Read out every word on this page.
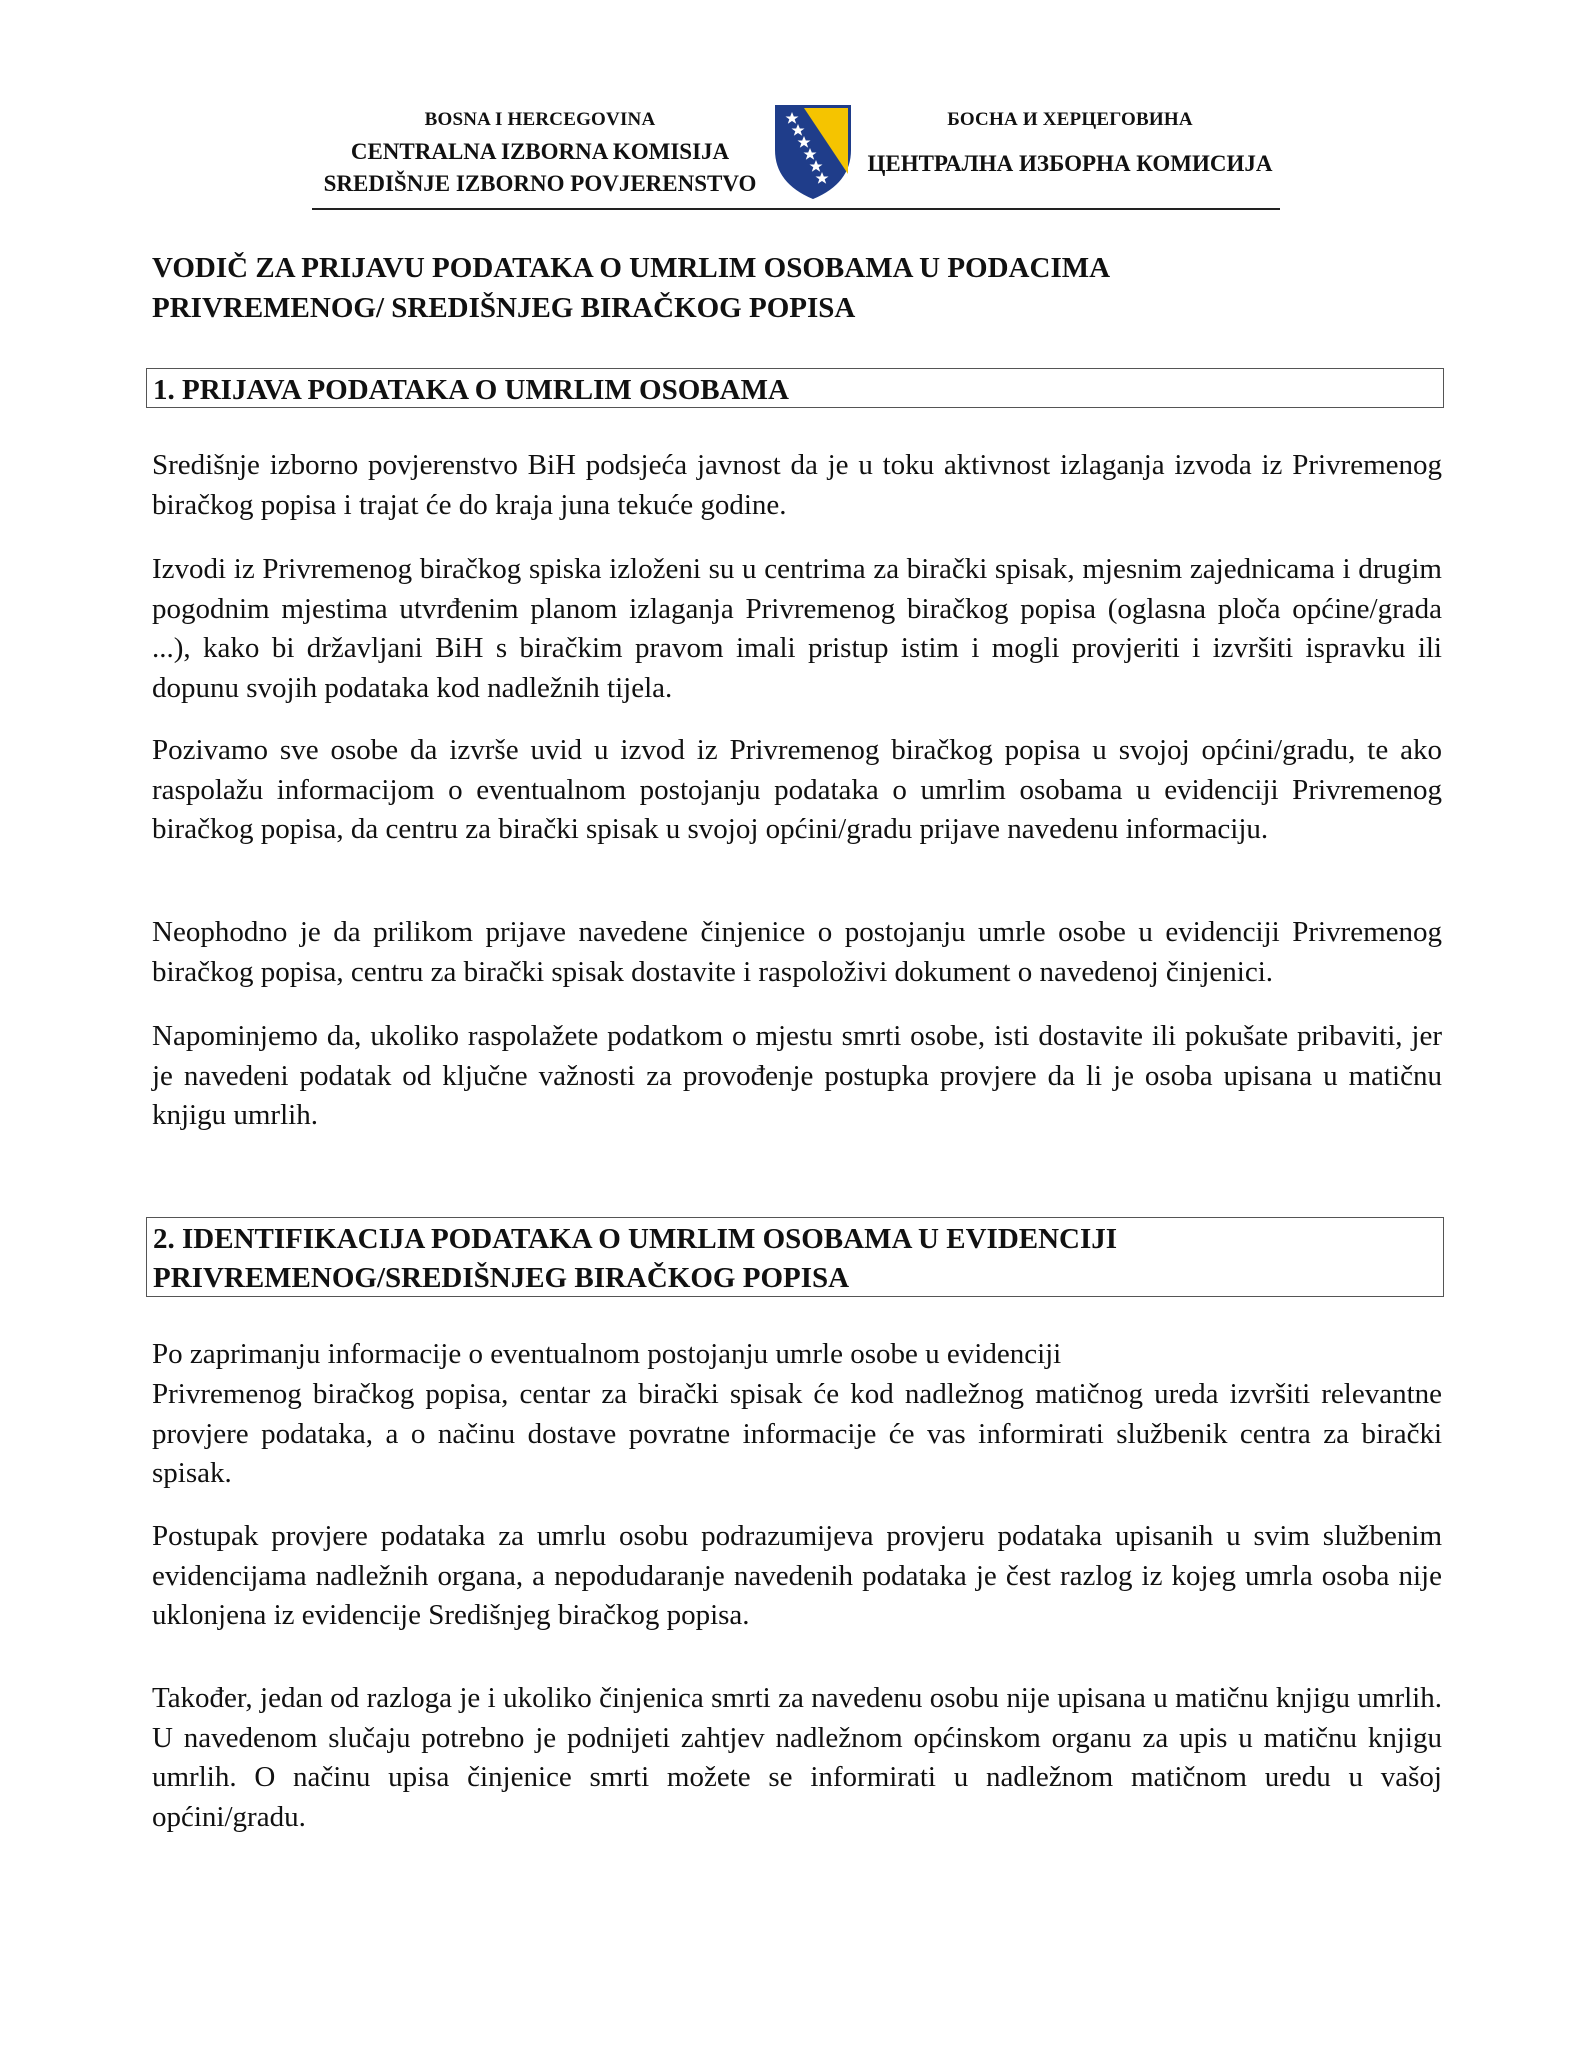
BOSNA I HERCEGOVINA
CENTRALNA IZBORNA KOMISIJA
SREDIŠNJE IZBORNO POVJERENSTVO
БОСНА И ХЕРЦЕГОВИНА
ЦЕНТРАЛНА ИЗБОРНА КОМИСИЈА
VODIČ ZA PRIJAVU PODATAKA O UMRLIM OSOBAMA U PODACIMA
PRIVREMENOG/ SREDIŠNJEG BIRAČKOG POPISA
1. PRIJAVA PODATAKA O UMRLIM OSOBAMA

Središnje izborno povjerenstvo BiH podsjeća javnost da je u toku aktivnost izlaganja izvoda iz Privremenog biračkog popisa i trajat će do kraja juna tekuće godine.

Izvodi iz Privremenog biračkog spiska izloženi su u centrima za birački spisak, mjesnim zajednicama i drugim pogodnim mjestima utvrđenim planom izlaganja Privremenog biračkog popisa (oglasna ploča općine/grada ...), kako bi državljani BiH s biračkim pravom imali pristup istim i mogli provjeriti i izvršiti ispravku ili dopunu svojih podataka kod nadležnih tijela.

Pozivamo sve osobe da izvrše uvid u izvod iz Privremenog biračkog popisa u svojoj općini/gradu, te ako raspolažu informacijom o eventualnom postojanju podataka o umrlim osobama u evidenciji Privremenog biračkog popisa, da centru za birački spisak u svojoj općini/gradu prijave navedenu informaciju.

Neophodno je da prilikom prijave navedene činjenice o postojanju umrle osobe u evidenciji Privremenog biračkog popisa, centru za birački spisak dostavite i raspoloživi dokument o navedenoj činjenici.

Napominjemo da, ukoliko raspolažete podatkom o mjestu smrti osobe, isti dostavite ili pokušate pribaviti, jer je navedeni podatak od ključne važnosti za provođenje postupka provjere da li je osoba upisana u matičnu knjigu umrlih.

2. IDENTIFIKACIJA PODATAKA O UMRLIM OSOBAMA U EVIDENCIJI
PRIVREMENOG/SREDIŠNJEG BIRAČKOG POPISA

Po zaprimanju informacije o eventualnom postojanju umrle osobe u evidenciji

Privremenog biračkog popisa, centar za birački spisak će kod nadležnog matičnog ureda izvršiti relevantne provjere podataka, a o načinu dostave povratne informacije će vas informirati službenik centra za birački spisak.

Postupak provjere podataka za umrlu osobu podrazumijeva provjeru podataka upisanih u svim službenim evidencijama nadležnih organa, a nepodudaranje navedenih podataka je čest razlog iz kojeg umrla osoba nije uklonjena iz evidencije Središnjeg biračkog popisa.

Također, jedan od razloga je i ukoliko činjenica smrti za navedenu osobu nije upisana u matičnu knjigu umrlih. U navedenom slučaju potrebno je podnijeti zahtjev nadležnom općinskom organu za upis u matičnu knjigu umrlih. O načinu upisa činjenice smrti možete se informirati u nadležnom matičnom uredu u vašoj općini/gradu.
